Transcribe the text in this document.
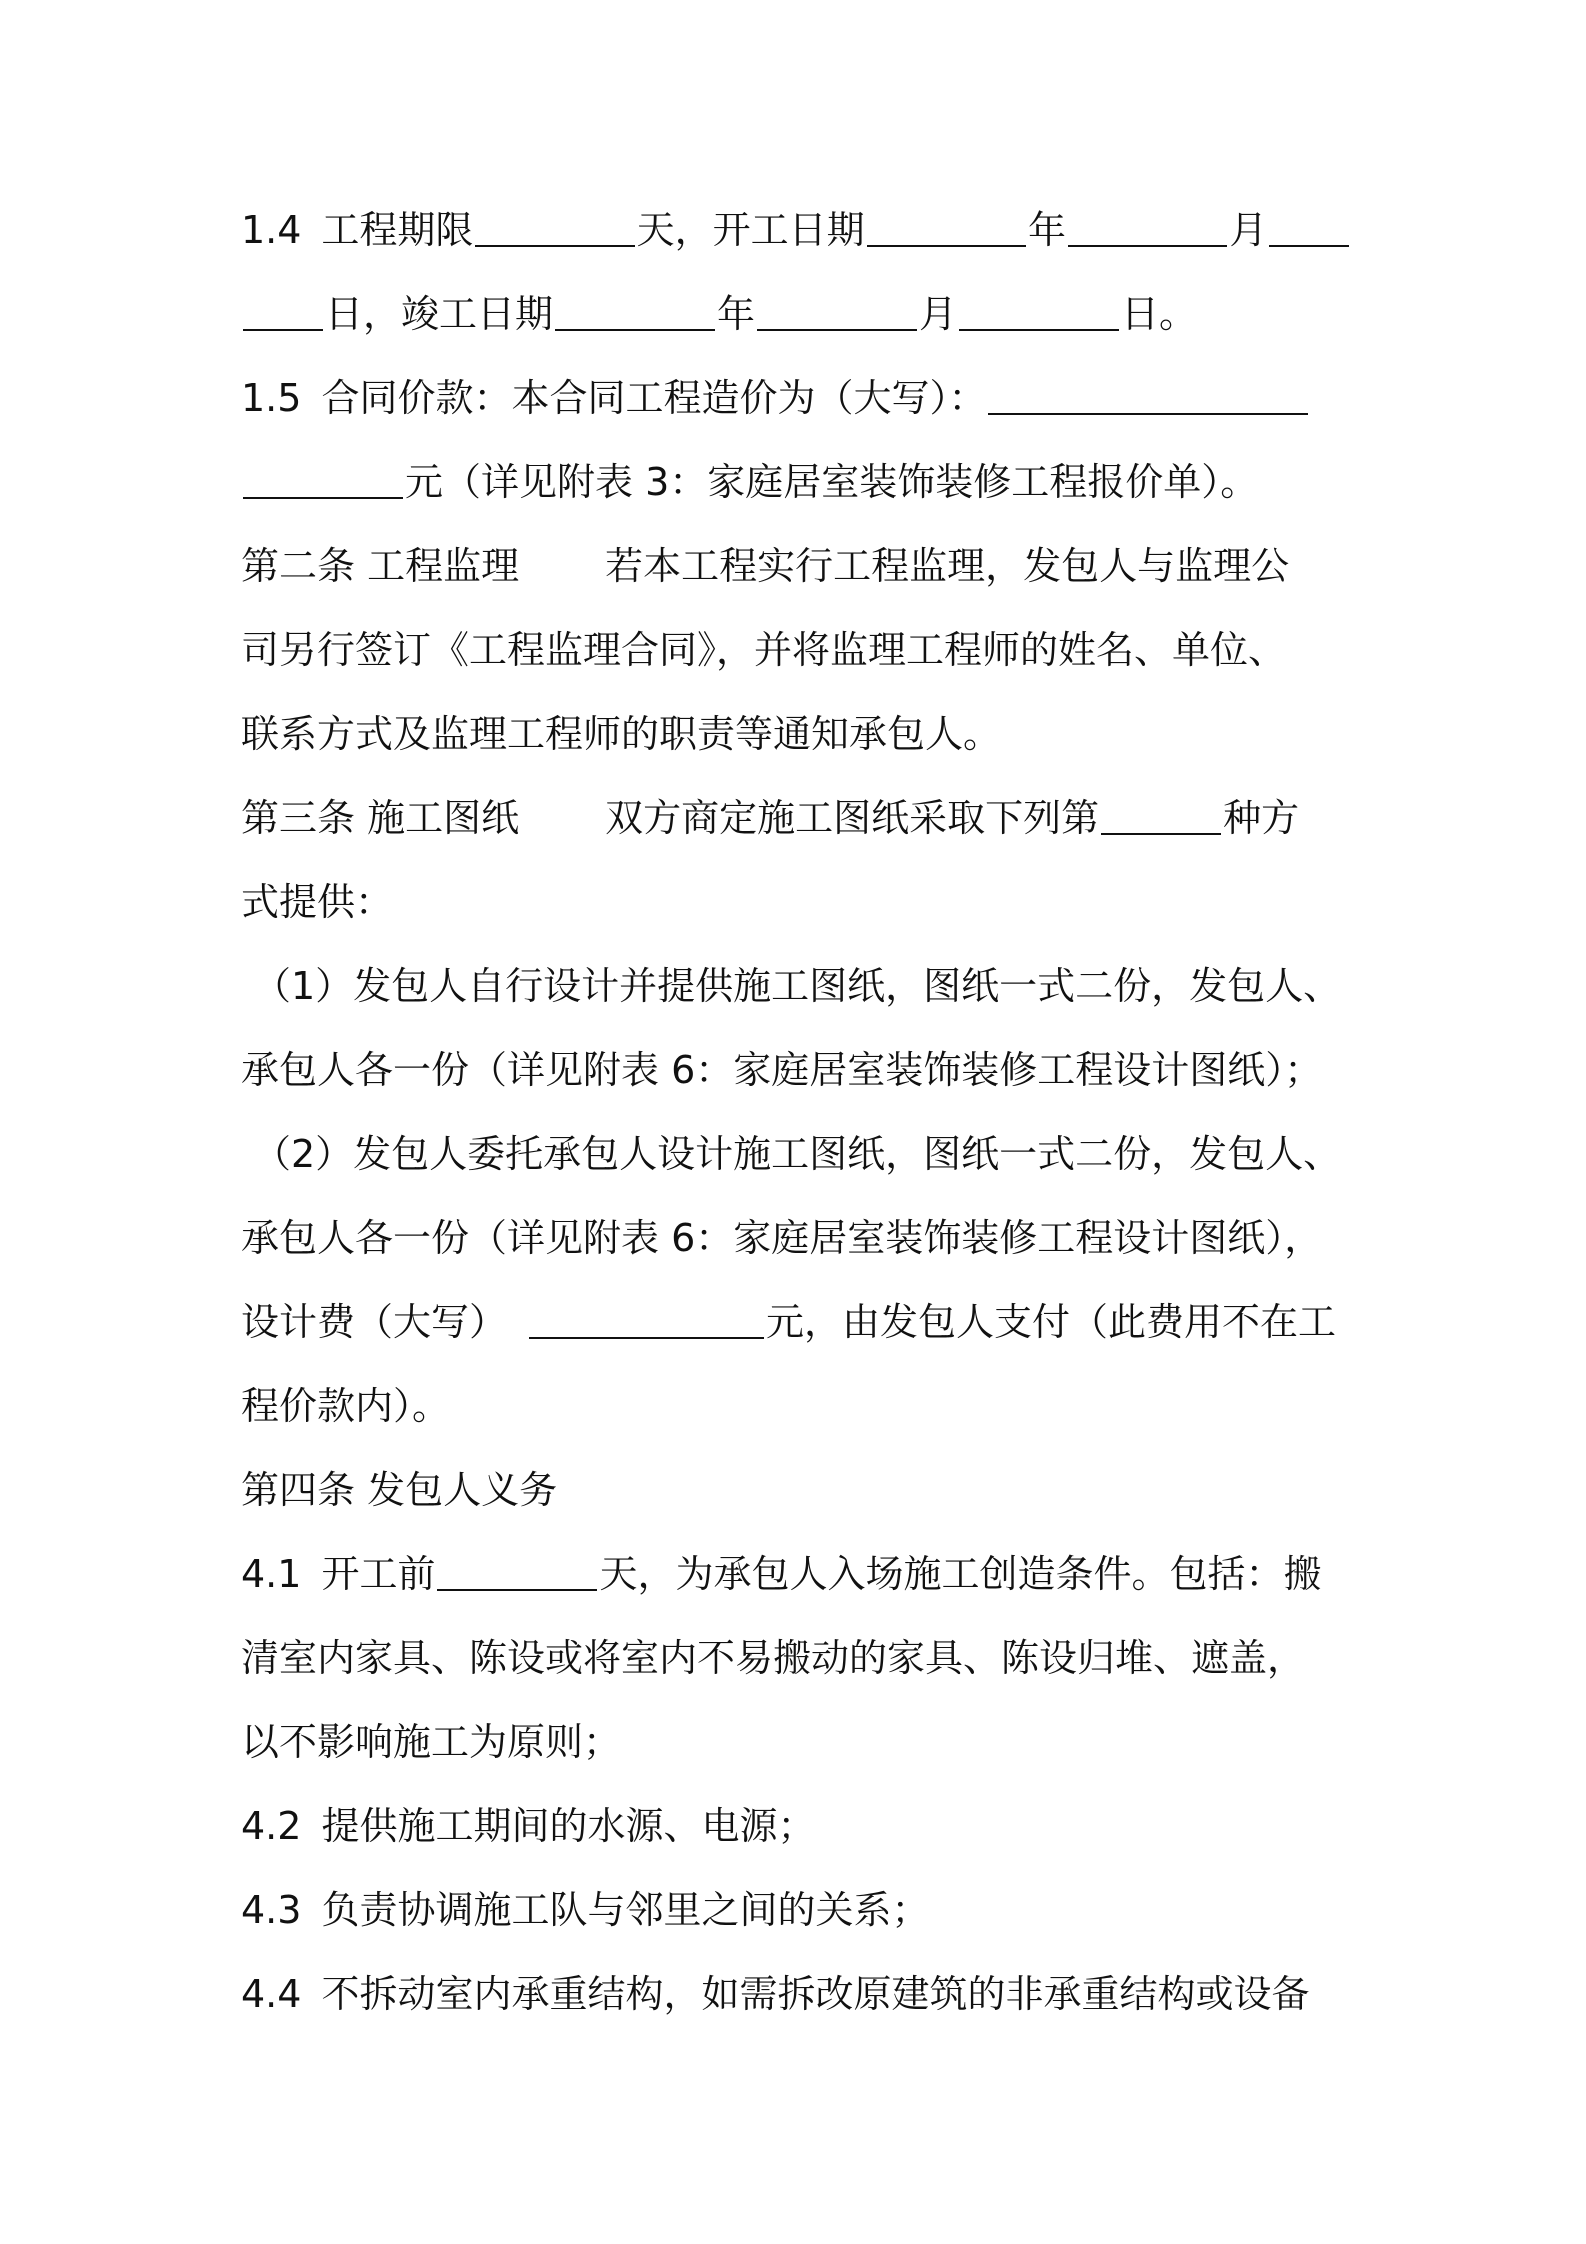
1.4 工程期限	天，开工日期	年	月
日，竣工日期	年	月	日。
1.5 合同价款：本合同工程造价为（大写）：
元（详见附表 3：家庭居室装饰装修工程报价单）。
第二条 工程监理 若本工程实行工程监理，发包人与监理公
司另行签订《工程监理合同》，并将监理工程师的姓名、单位、
联系方式及监理工程师的职责等通知承包人。
第三条 施工图纸 双方商定施工图纸采取下列第	种方
式提供：
（1）发包人自行设计并提供施工图纸，图纸一式二份，发包人、
承包人各一份（详见附表 6：家庭居室装饰装修工程设计图纸）；
（2）发包人委托承包人设计施工图纸，图纸一式二份，发包人、
承包人各一份（详见附表 6：家庭居室装饰装修工程设计图纸），
设计费（大写）	元，由发包人支付（此费用不在工
程价款内）。
第四条 发包人义务
4.1 开工前	天，为承包人入场施工创造条件。包括：搬
清室内家具、陈设或将室内不易搬动的家具、陈设归堆、遮盖，
以不影响施工为原则；
4.2 提供施工期间的水源、电源；
4.3 负责协调施工队与邻里之间的关系；
4.4 不拆动室内承重结构，如需拆改原建筑的非承重结构或设备
